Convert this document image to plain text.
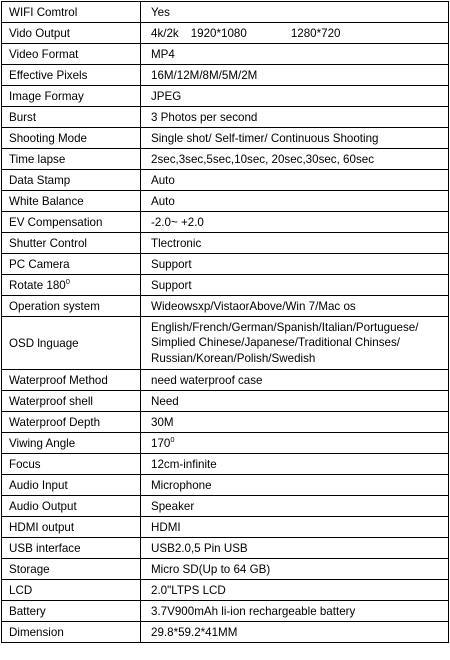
WIFI Comtrol	Yes
Vido Output	4k/2k 1920*1080 1280*720
Video Format	MP4
Effective Pixels	16M/12M/8M/5M/2M
Image Formay	JPEG
Burst	3 Photos per second
Shooting Mode	Single shot/ Self-timer/ Continuous Shooting
Time lapse	2sec,3sec,5sec,10sec, 20sec,30sec, 60sec
Data Stamp	Auto
White Balance	Auto
EV Compensation	-2.0~ +2.0
Shutter Control	Tlectronic
PC Camera	Support
Rotate $180^0$	Support
Operation system	Wideowsxp/VistaorAbove/Win 7/Mac os
OSD lnguage	English/French/German/Spanish/Italian/Portuguese/
Simplied Chinese/Japanese/Traditional Chinses/
Russian/Korean/Polish/Swedish

Waterproof Method	need waterproof case
Waterproof shell	Need
Waterproof Depth	30M
Viwing Angle	$170^0$
Focus	12cm-infinite
Audio Input	Microphone
Audio Output	Speaker
HDMI output	HDMI
USB interface	USB2.0,5 Pin USB
Storage	Micro SD(Up to 64 GB)
LCD	2.0"LTPS LCD
Battery	3.7V900mAh li-ion rechargeable battery
Dimension	29.8*59.2*41MM
